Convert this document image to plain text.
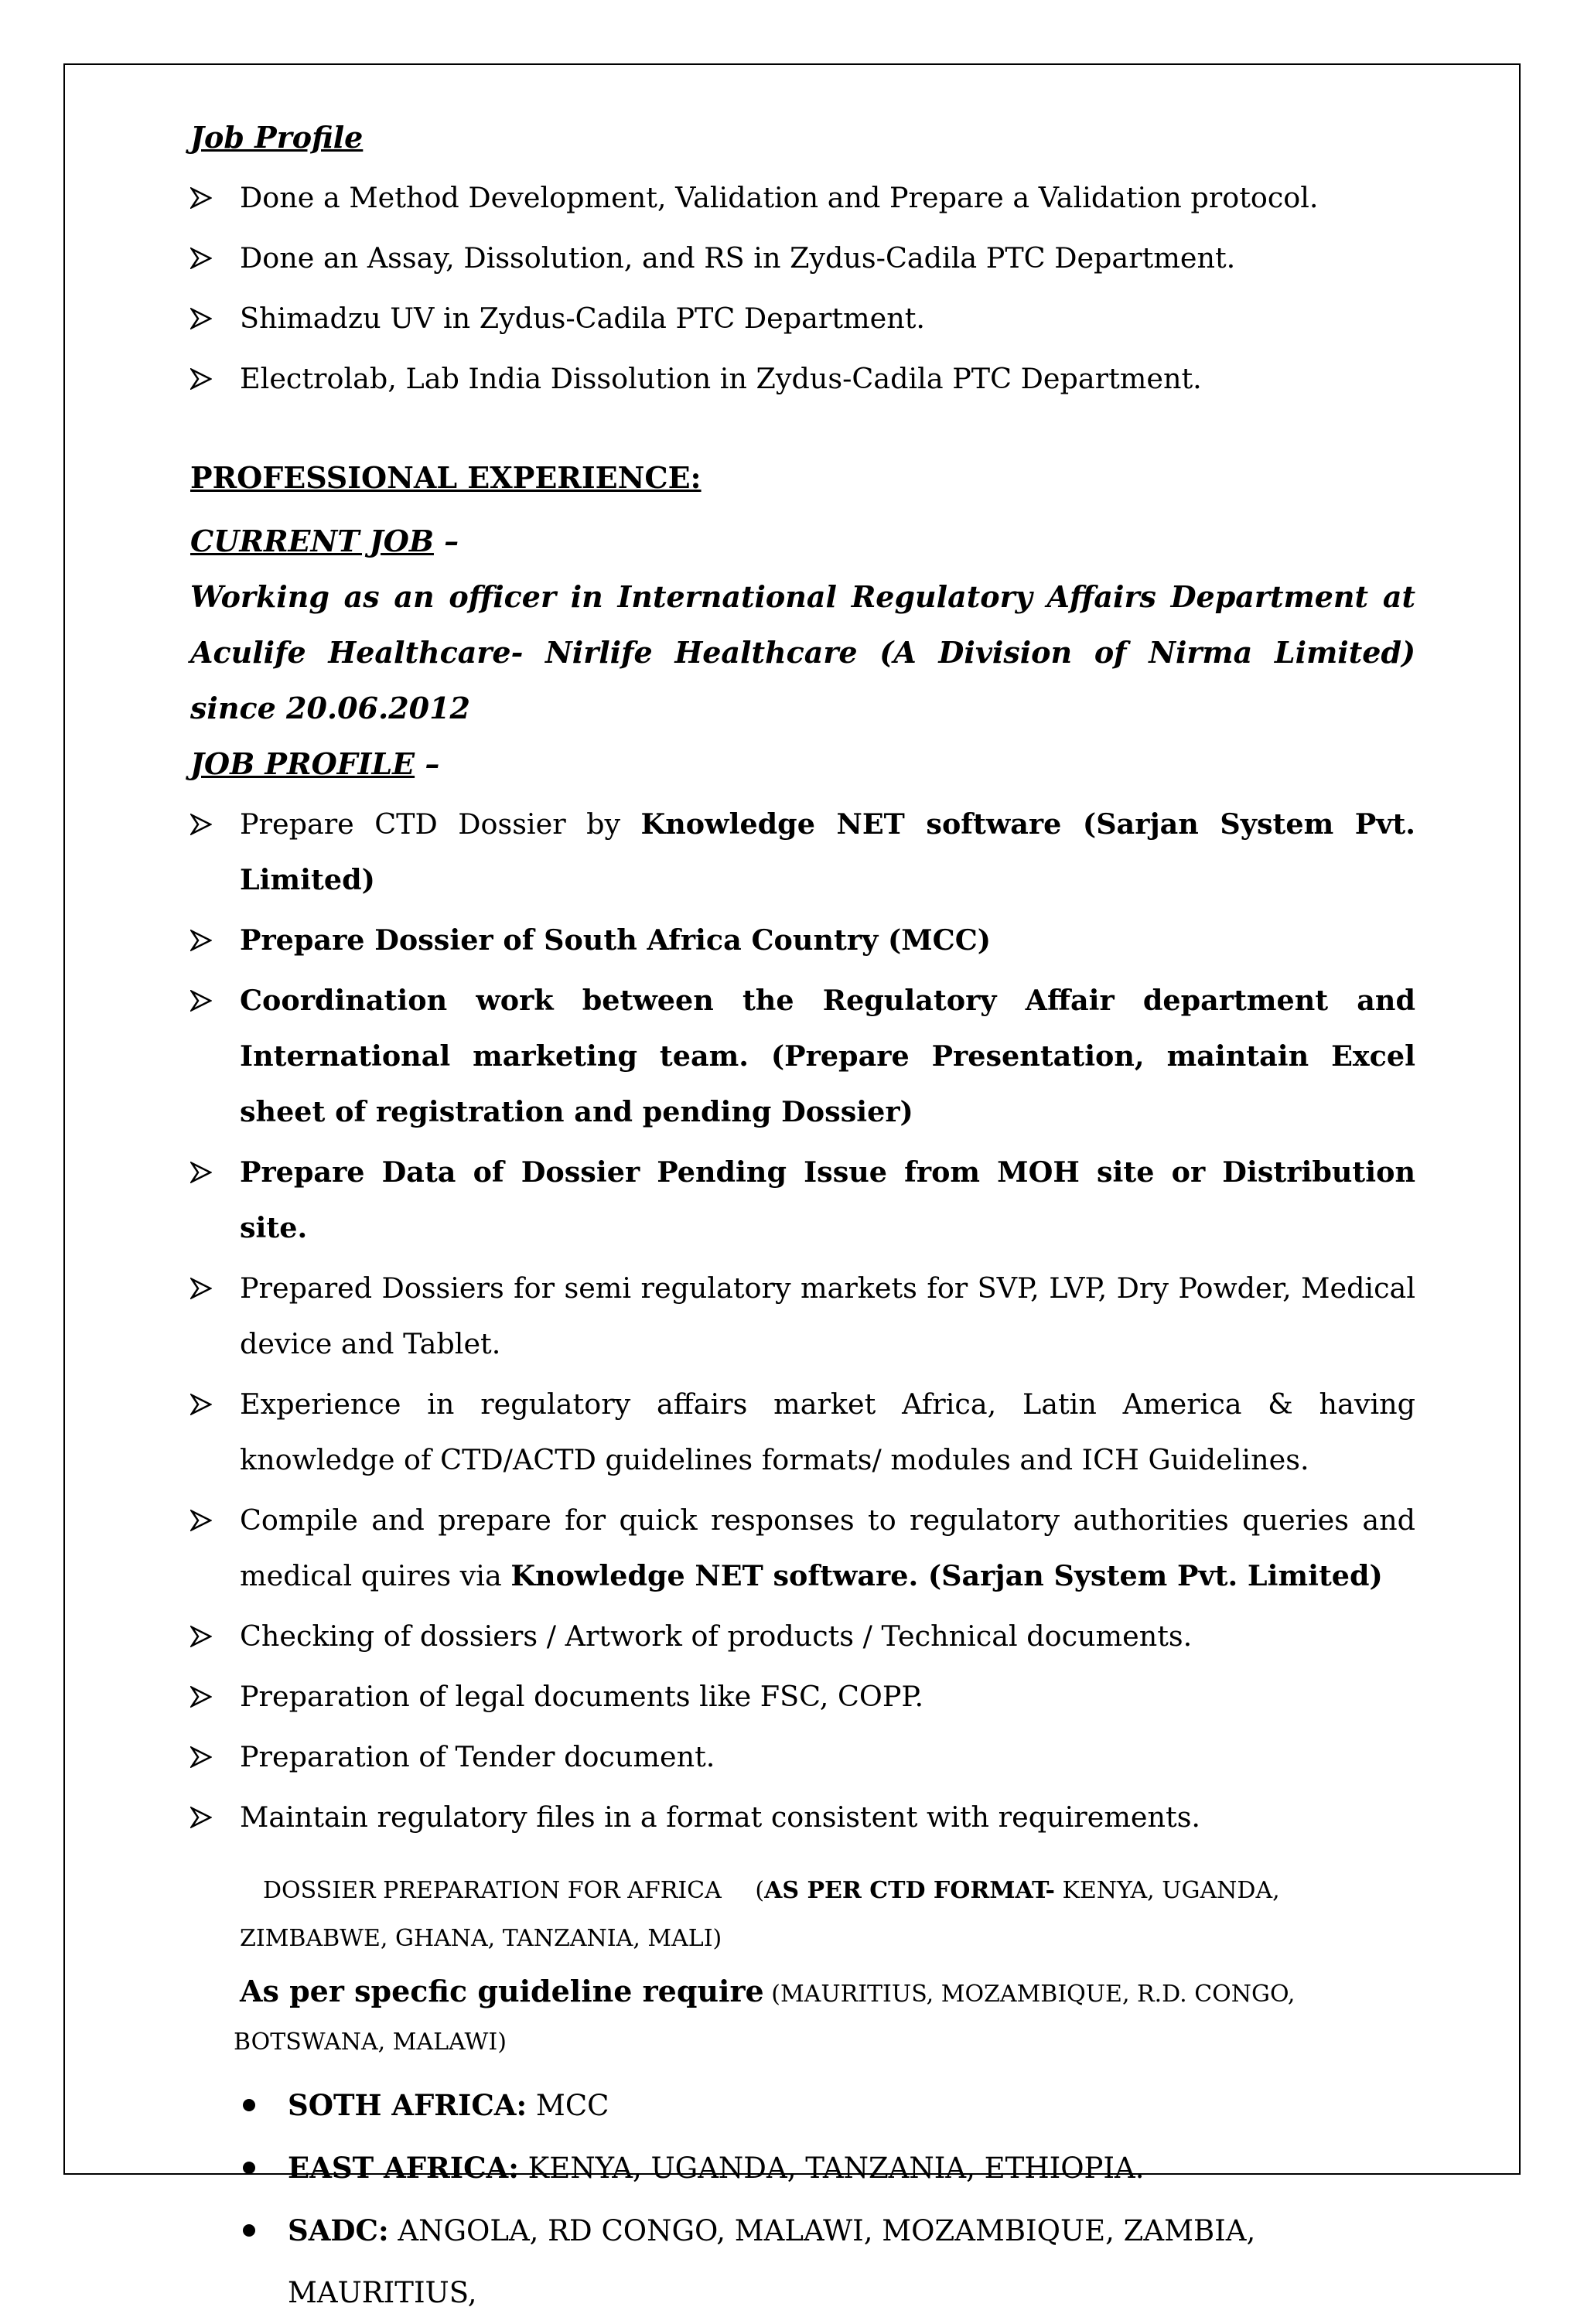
Job Profile
Done a Method Development, Validation and Prepare a Validation protocol.
Done an Assay, Dissolution, and RS in Zydus-Cadila PTC Department.
Shimadzu UV in Zydus-Cadila PTC Department.
Electrolab, Lab India Dissolution in Zydus-Cadila PTC Department.
PROFESSIONAL EXPERIENCE:
CURRENT JOB –
Working as an officer in International Regulatory Affairs Department at Aculife Healthcare- Nirlife Healthcare (A Division of Nirma Limited) since 20.06.2012
JOB PROFILE –
Prepare CTD Dossier by Knowledge NET software (Sarjan System Pvt. Limited)
Prepare Dossier of South Africa Country (MCC)
Coordination work between the Regulatory Affair department and International marketing team. (Prepare Presentation, maintain Excel sheet of registration and pending Dossier)
Prepare Data of Dossier Pending Issue from MOH site or Distribution site.
Prepared Dossiers for semi regulatory markets for SVP, LVP, Dry Powder, Medical device and Tablet.
Experience in regulatory affairs market Africa, Latin America & having knowledge of CTD/ACTD guidelines formats/ modules and ICH Guidelines.
Compile and prepare for quick responses to regulatory authorities queries and medical quires via Knowledge NET software. (Sarjan System Pvt. Limited)
Checking of dossiers / Artwork of products / Technical documents.
Preparation of legal documents like FSC, COPP.
Preparation of Tender document.
Maintain regulatory files in a format consistent with requirements.
DOSSIER PREPARATION FOR AFRICA (AS PER CTD FORMAT- KENYA, UGANDA, ZIMBABWE, GHANA, TANZANIA, MALI)
As per specfic guideline require (MAURITIUS, MOZAMBIQUE, R.D. CONGO, BOTSWANA, MALAWI)
SOTH AFRICA: MCC
EAST AFRICA: KENYA, UGANDA, TANZANIA, ETHIOPIA.
SADC: ANGOLA, RD CONGO, MALAWI, MOZAMBIQUE, ZAMBIA, MAURITIUS,
